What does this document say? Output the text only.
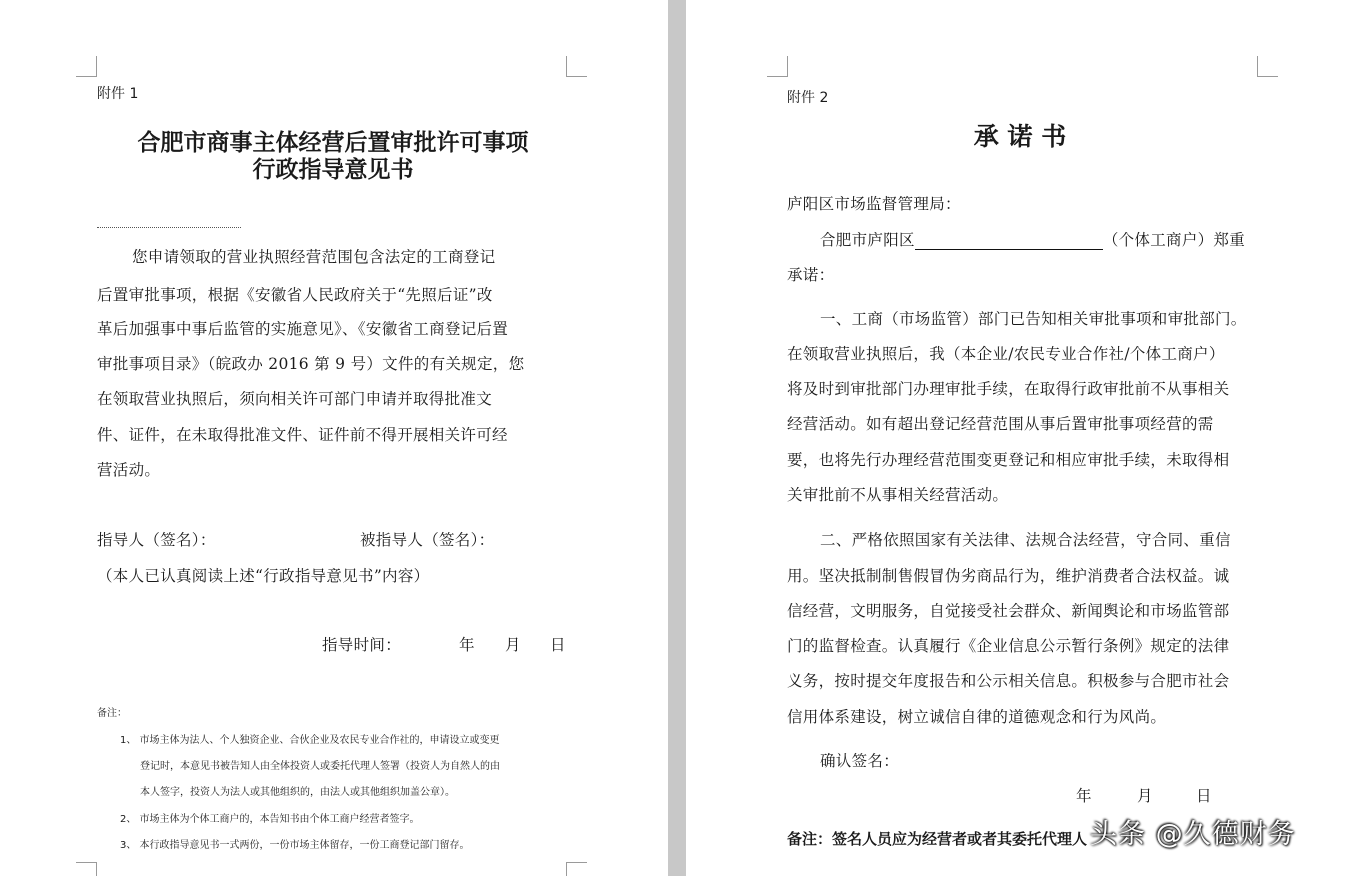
附件 1
合肥市商事主体经营后置审批许可事项
行政指导意见书
您申请领取的营业执照经营范围包含法定的工商登记
后置审批事项，根据《安徽省人民政府关于“先照后证”改
革后加强事中事后监管的实施意见》、《安徽省工商登记后置
审批事项目录》（皖政办 2016 第 9 号）文件的有关规定，您
在领取营业执照后，须向相关许可部门申请并取得批准文
件、证件，在未取得批准文件、证件前不得开展相关许可经
营活动。
指导人（签名）：	被指导人（签名）：
（本人已认真阅读上述“行政指导意见书”内容）
指导时间：	年 月 日
备注：
1、 市场主体为法人、个人独资企业、合伙企业及农民专业合作社的，申请设立或变更
登记时，本意见书被告知人由全体投资人或委托代理人签署（投资人为自然人的由
本人签字，投资人为法人或其他组织的，由法人或其他组织加盖公章）。
2、 市场主体为个体工商户的，本告知书由个体工商户经营者签字。
3、 本行政指导意见书一式两份，一份市场主体留存，一份工商登记部门留存。
附件 2
承 诺 书
庐阳区市场监督管理局：
合肥市庐阳区	（个体工商户）郑重
承诺：
一、工商（市场监管）部门已告知相关审批事项和审批部门。
在领取营业执照后，我（本企业/农民专业合作社/个体工商户）
将及时到审批部门办理审批手续，在取得行政审批前不从事相关
经营活动。如有超出登记经营范围从事后置审批事项经营的需
要，也将先行办理经营范围变更登记和相应审批手续，未取得相
关审批前不从事相关经营活动。
二、严格依照国家有关法律、法规合法经营，守合同、重信
用。坚决抵制制售假冒伪劣商品行为，维护消费者合法权益。诚
信经营，文明服务，自觉接受社会群众、新闻舆论和市场监管部
门的监督检查。认真履行《企业信息公示暂行条例》规定的法律
义务，按时提交年度报告和公示相关信息。积极参与合肥市社会
信用体系建设，树立诚信自律的道德观念和行为风尚。
确认签名：
年	月	日
备注：签名人员应为经营者或者其委托代理人 头条 @久德财务
